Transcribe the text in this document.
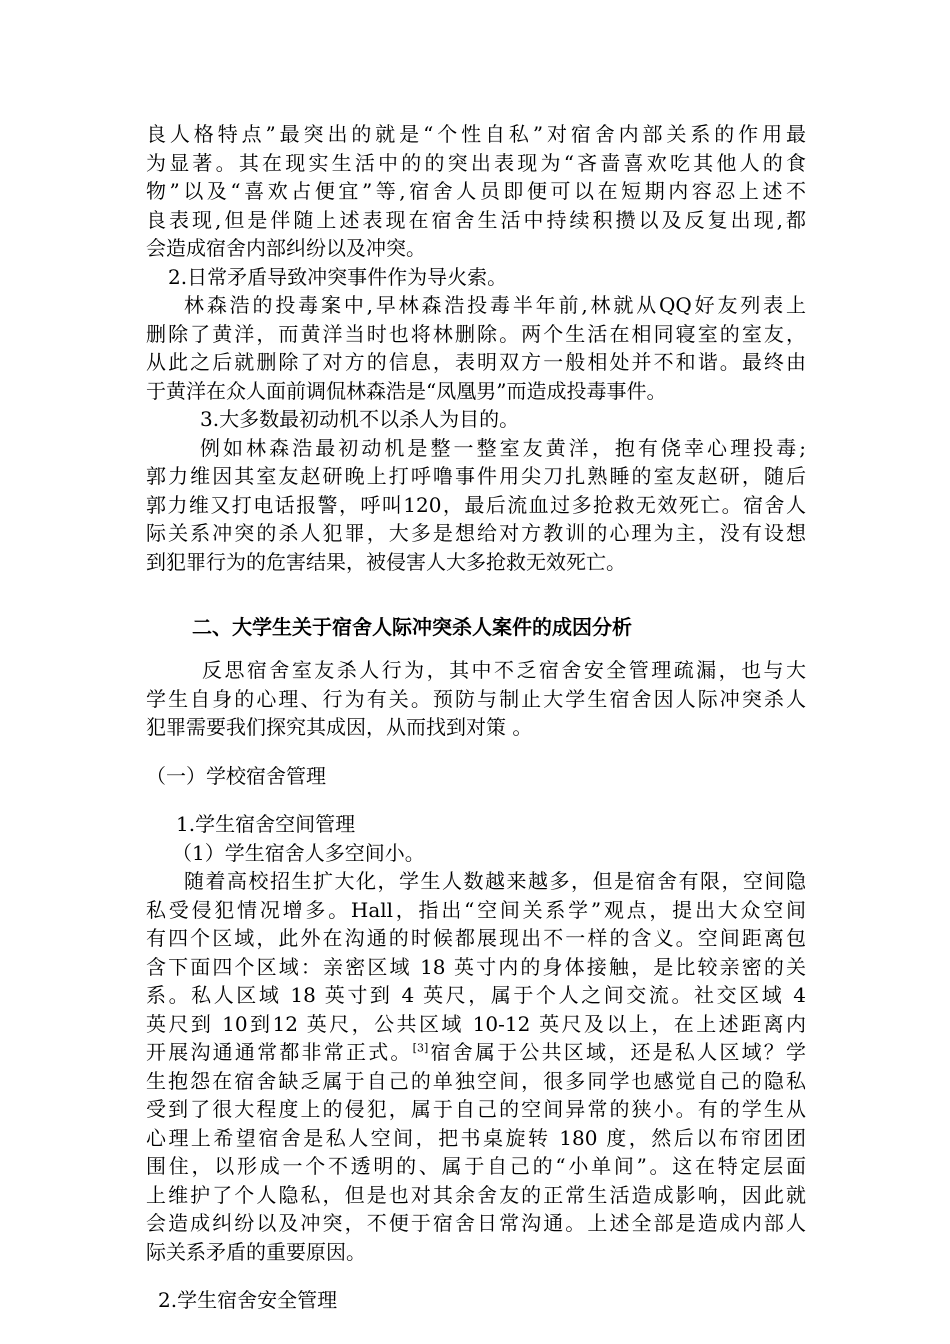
良人格特点”最突出的就是“个性自私”对宿舍内部关系的作用最
为显著。其在现实生活中的的突出表现为“吝啬喜欢吃其他人的食
物”以及“喜欢占便宜”等,宿舍人员即便可以在短期内容忍上述不
良表现,但是伴随上述表现在宿舍生活中持续积攒以及反复出现,都
会造成宿舍内部纠纷以及冲突。
2.日常矛盾导致冲突事件作为导火索。
林森浩的投毒案中,早林森浩投毒半年前,林就从QQ好友列表上
删除了黄洋，而黄洋当时也将林删除。两个生活在相同寝室的室友，
从此之后就删除了对方的信息，表明双方一般相处并不和谐。最终由
于黄洋在众人面前调侃林森浩是“凤凰男”而造成投毒事件。
3.大多数最初动机不以杀人为目的。
例如林森浩最初动机是整一整室友黄洋，抱有侥幸心理投毒;
郭力维因其室友赵研晚上打呼噜事件用尖刀扎熟睡的室友赵研，随后
郭力维又打电话报警，呼叫120，最后流血过多抢救无效死亡。宿舍人
际关系冲突的杀人犯罪，大多是想给对方教训的心理为主，没有设想
到犯罪行为的危害结果，被侵害人大多抢救无效死亡。
二、大学生关于宿舍人际冲突杀人案件的成因分析
反思宿舍室友杀人行为，其中不乏宿舍安全管理疏漏，也与大
学生自身的心理、行为有关。预防与制止大学生宿舍因人际冲突杀人
犯罪需要我们探究其成因，从而找到对策 。
（一）学校宿舍管理
1.学生宿舍空间管理
（1）学生宿舍人多空间小。
随着高校招生扩大化，学生人数越来越多，但是宿舍有限，空间隐
私受侵犯情况增多。Hall，指出“空间关系学”观点，提出大众空间
有四个区域，此外在沟通的时候都展现出不一样的含义。空间距离包
含下面四个区域：亲密区域 18 英寸内的身体接触，是比较亲密的关
系。私人区域 18 英寸到 4 英尺，属于个人之间交流。社交区域 4
英尺到 10到12 英尺，公共区域 10-12 英尺及以上，在上述距离内
开展沟通通常都非常正式。[3]宿舍属于公共区域，还是私人区域？学
生抱怨在宿舍缺乏属于自己的单独空间，很多同学也感觉自己的隐私
受到了很大程度上的侵犯，属于自己的空间异常的狭小。有的学生从
心理上希望宿舍是私人空间，把书桌旋转 180 度，然后以布帘团团
围住，以形成一个不透明的、属于自己的“小单间”。这在特定层面
上维护了个人隐私，但是也对其余舍友的正常生活造成影响，因此就
会造成纠纷以及冲突，不便于宿舍日常沟通。上述全部是造成内部人
际关系矛盾的重要原因。
2.学生宿舍安全管理
